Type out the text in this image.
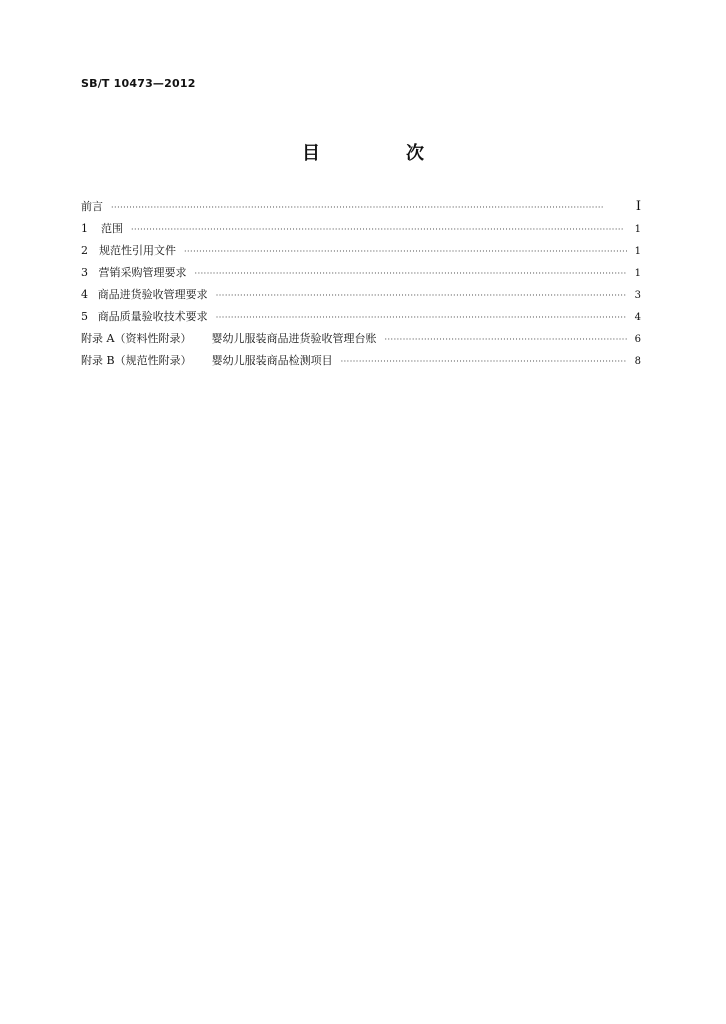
SB/T 10473—2012
目　次
前言 ·····	Ⅰ
1	范围 ·····	1
2 规范性引用文件 ·····	1
3 营销采购管理要求 ·····	1
4 商品进货验收管理要求 ·····	3
5 商品质量验收技术要求 ·····	4
附录 A（资料性附录） 婴幼儿服装商品进货验收管理台账 ·····	6
附录 B（规范性附录） 婴幼儿服装商品检测项目 ·····	8
